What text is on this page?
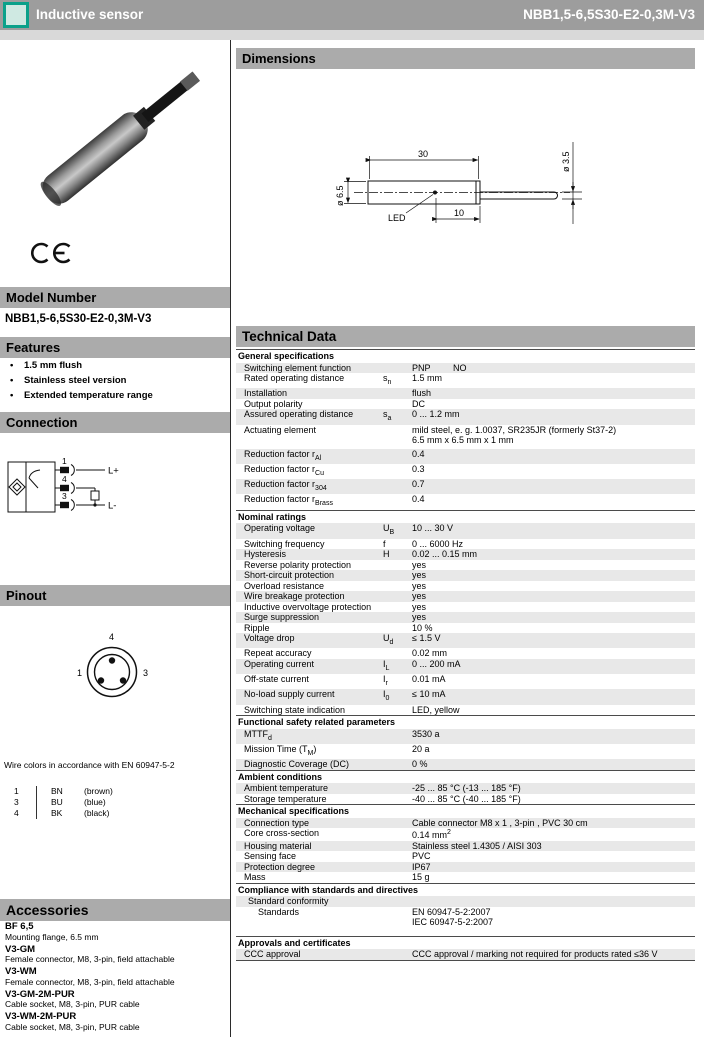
Inductive sensor	NBB1,5-6,5S30-E2-0,3M-V3
Model Number
NBB1,5-6,5S30-E2-0,3M-V3
Features
•	1.5 mm flush
•	Stainless steel version
•	Extended temperature range
Connection
1
4
3
L+
L-
Pinout
4
1	3
Wire colors in accordance with EN 60947-5-2
1	BN	(brown)
3	BU	(blue)
4	BK	(black)
Accessories
BF 6,5
Mounting flange, 6.5 mm
V3-GM
Female connector, M8, 3-pin, field attachable
V3-WM
Female connector, M8, 3-pin, field attachable
V3-GM-2M-PUR
Cable socket, M8, 3-pin, PUR cable
V3-WM-2M-PUR
Cable socket, M8, 3-pin, PUR cable
Dimensions
30
10
LED
ø 6.5
ø 3.5
Technical Data
General specifications
Switching element function	PNP         NO
Rated operating distance	$s_n$	1.5 mm
Installation	flush
Output polarity	DC
Assured operating distance	$s_a$	0 ... 1.2 mm
Actuating element	mild steel, e. g. 1.0037, SR235JR (formerly St37-2)
6.5 mm x 6.5 mm x 1 mm
Reduction factor $r_{Al}$	0.4
Reduction factor $r_{Cu}$	0.3
Reduction factor $r_{304}$	0.7
Reduction factor $r_{Brass}$	0.4
Nominal ratings
Operating voltage	$U_B$	10 ... 30 V
Switching frequency	f	0 ... 6000 Hz
Hysteresis	H	0.02 ... 0.15 mm
Reverse polarity protection	yes
Short-circuit protection	yes
Overload resistance	yes
Wire breakage protection	yes
Inductive overvoltage protection	yes
Surge suppression	yes
Ripple	10 %
Voltage drop	$U_d$	≤ 1.5 V
Repeat accuracy	0.02 mm
Operating current	$I_L$	0 ... 200 mA
Off-state current	$I_r$	0.01 mA
No-load supply current	$I_0$	≤ 10 mA
Switching state indication	LED, yellow
Functional safety related parameters
$MTTF_d$	3530 a
Mission Time $(T_M)$	20 a
Diagnostic Coverage (DC)	0 %
Ambient conditions
Ambient temperature	-25 ... 85 °C (-13 ... 185 °F)
Storage temperature	-40 ... 85 °C (-40 ... 185 °F)
Mechanical specifications
Connection type	Cable connector M8 x 1 , 3-pin , PVC 30 cm
Core cross-section	0.14 $mm^2$
Housing material	Stainless steel 1.4305 / AISI 303
Sensing face	PVC
Protection degree	IP67
Mass	15 g
Compliance with standards and directives
Standard conformity
Standards	EN 60947-5-2:2007
IEC 60947-5-2:2007
Approvals and certificates
CCC approval	CCC approval / marking not required for products rated ≤36 V
